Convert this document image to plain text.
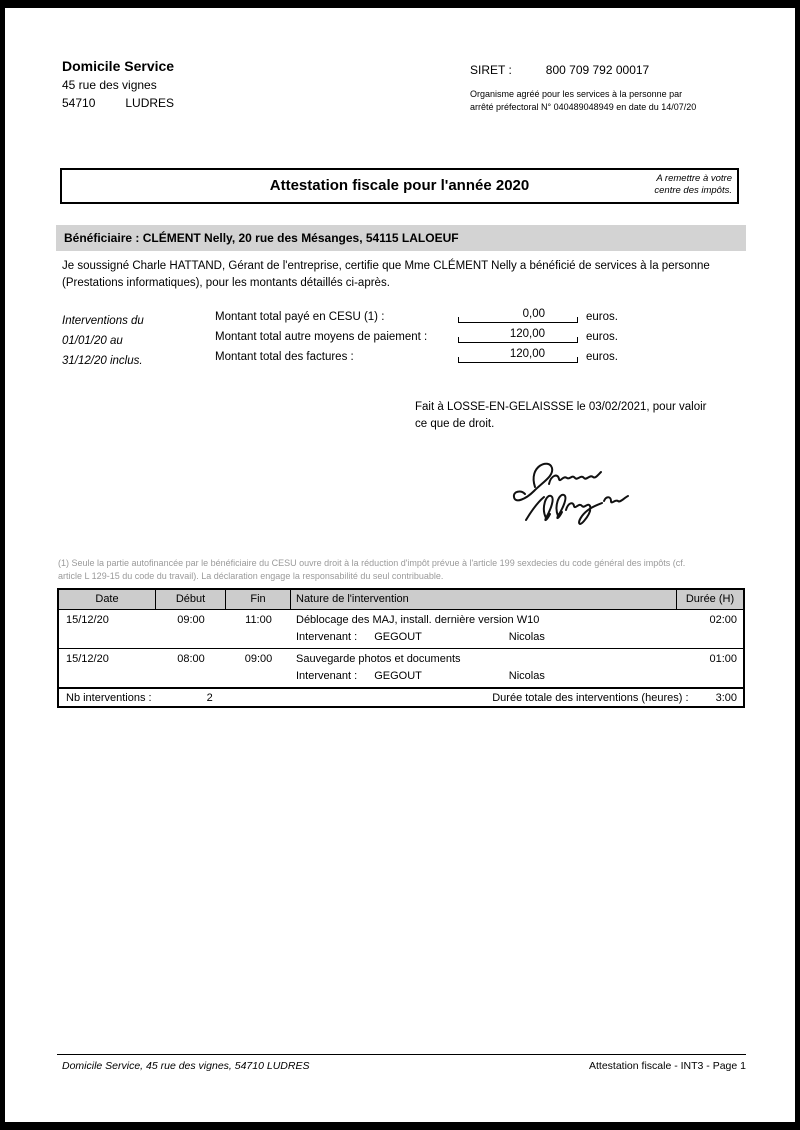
Domicile Service
45 rue des vignes
54710	LUDRES
SIRET :	800 709 792 00017
Organisme agréé pour les services à la personne par
arrêté préfectoral N° 040489048949 en date du 14/07/20
Attestation fiscale pour l'année 2020	A remettre à votre
centre des impôts.
Bénéficiaire : CLÉMENT Nelly, 20 rue des Mésanges, 54115 LALOEUF
Je soussigné Charle HATTAND, Gérant de l'entreprise, certifie que Mme CLÉMENT Nelly a bénéficié de services à la personne
(Prestations informatiques), pour les montants détaillés ci-après.
Interventions du
01/01/20 au
31/12/20 inclus.
Montant total payé en CESU (1) :	0,00	euros.
Montant total autre moyens de paiement :	120,00	euros.
Montant total des factures :	120,00	euros.
Fait à LOSSE-EN-GELAISSSE le 03/02/2021, pour valoir
ce que de droit.
(1) Seule la partie autofinancée par le bénéficiaire du CESU ouvre droit à la réduction d'impôt prévue à l'article 199 sexdecies du code général des impôts (cf.
article L 129-15 du code du travail). La déclaration engage la responsabilité du seul contribuable.
Date	Début	Fin	Nature de l'intervention	Durée (H)
15/12/20	09:00	11:00	Déblocage des MAJ, install. dernière version W10	02:00
Intervenant : GEGOUT	Nicolas
15/12/20	08:00	09:00	Sauvegarde photos et documents	01:00
Intervenant : GEGOUT	Nicolas
Nb interventions :	2	Durée totale des interventions (heures) : 3:00
Domicile Service, 45 rue des vignes, 54710 LUDRES	Attestation fiscale - INT3 - Page 1
